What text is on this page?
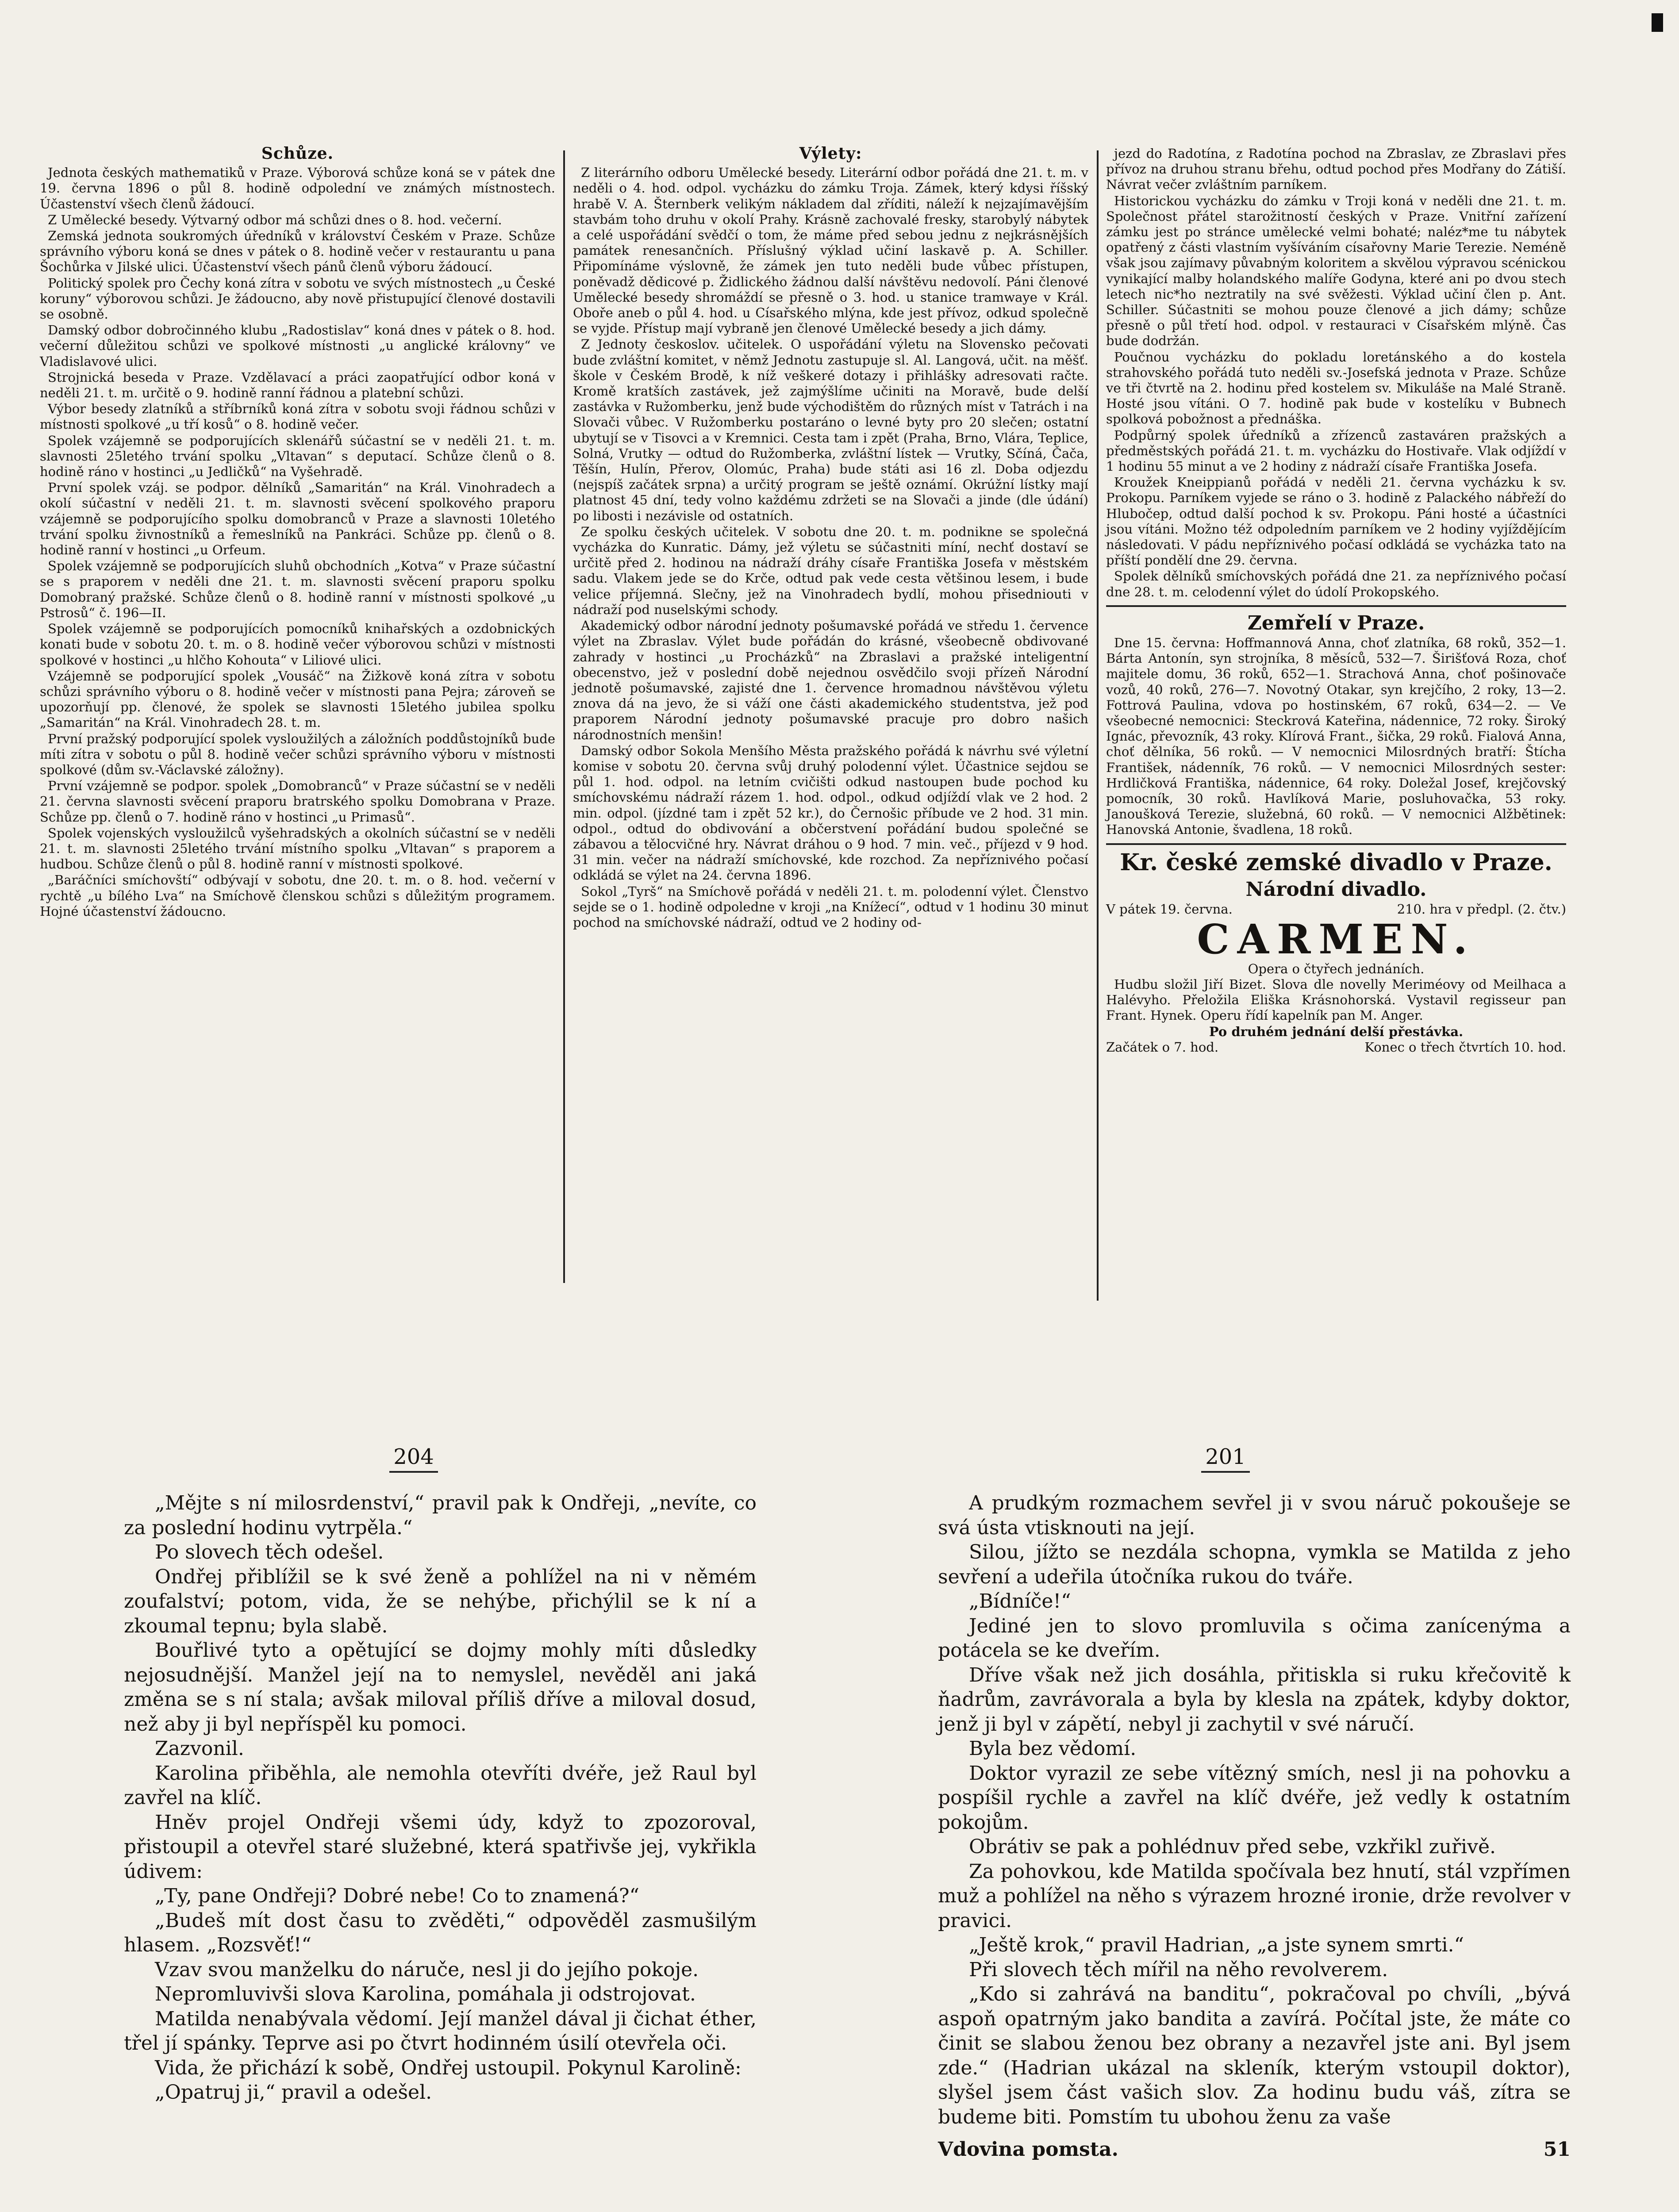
Schůze.

Jednota českých mathematiků v Praze. Výborová schůze koná se v pátek dne 19. června 1896 o půl 8. hodině odpolední ve známých místnostech. Účastenství všech členů žádoucí.

Z Umělecké besedy. Výtvarný odbor má schůzi dnes o 8. hod. večerní.

Zemská jednota soukromých úředníků v království Českém v Praze. Schůze správního výboru koná se dnes v pátek o 8. hodině večer v restaurantu u pana Šochůrka v Jilské ulici. Účastenství všech pánů členů výboru žádoucí.

Politický spolek pro Čechy koná zítra v sobotu ve svých místnostech „u České koruny“ výborovou schůzi. Je žádoucno, aby nově přistupující členové dostavili se osobně.

Damský odbor dobročinného klubu „Radostislav“ koná dnes v pátek o 8. hod. večerní důležitou schůzi ve spolkové místnosti „u anglické královny“ ve Vladislavové ulici.

Strojnická beseda v Praze. Vzdělavací a práci zaopatřující odbor koná v neděli 21. t. m. určitě o 9. hodině ranní řádnou a platební schůzi.

Výbor besedy zlatníků a stříbrníků koná zítra v sobotu svoji řádnou schůzi v místnosti spolkové „u tří kosů“ o 8. hodině večer.

Spolek vzájemně se podporujících sklenářů súčastní se v neděli 21. t. m. slavnosti 25letého trvání spolku „Vltavan“ s deputací. Schůze členů o 8. hodině ráno v hostinci „u Jedličků“ na Vyšehradě.

První spolek vzáj. se podpor. dělníků „Samaritán“ na Král. Vinohradech a okolí súčastní v neděli 21. t. m. slavnosti svěcení spolkového praporu vzájemně se podporujícího spolku domobranců v Praze a slavnosti 10letého trvání spolku živnostníků a řemeslníků na Pankráci. Schůze pp. členů o 8. hodině ranní v hostinci „u Orfeum.

Spolek vzájemně se podporujících sluhů obchodních „Kotva“ v Praze súčastní se s praporem v neděli dne 21. t. m. slavnosti svěcení praporu spolku Domobraný pražské. Schůze členů o 8. hodině ranní v místnosti spolkové „u Pstrosů“ č. 196—II.

Spolek vzájemně se podporujících pomocníků knihařských a ozdobnických konati bude v sobotu 20. t. m. o 8. hodině večer výborovou schůzi v místnosti spolkové v hostinci „u hlčho Kohouta“ v Liliové ulici.

Vzájemně se podporující spolek „Vousáč“ na Žižkově koná zítra v sobotu schůzi správního výboru o 8. hodině večer v místnosti pana Pejra; zároveň se upozorňují pp. členové, že spolek se slavnosti 15letého jubilea spolku „Samaritán“ na Král. Vinohradech 28. t. m.

První pražský podporující spolek vysloužilých a záložních poddůstojníků bude míti zítra v sobotu o půl 8. hodině večer schůzi správního výboru v místnosti spolkové (dům sv.-Václavské záložny).

První vzájemně se podpor. spolek „Domobranců“ v Praze súčastní se v neděli 21. června slavnosti svěcení praporu bratrského spolku Domobrana v Praze. Schůze pp. členů o 7. hodině ráno v hostinci „u Primasů“.

Spolek vojenských vysloužilců vyšehradských a okolních súčastní se v neděli 21. t. m. slavnosti 25letého trvání místního spolku „Vltavan“ s praporem a hudbou. Schůze členů o půl 8. hodině ranní v místnosti spolkové.

„Baráčníci smíchovští“ odbývají v sobotu, dne 20. t. m. o 8. hod. večerní v rychtě „u bílého Lva“ na Smíchově členskou schůzi s důležitým programem. Hojné účastenství žádoucno.

Výlety:

Z literárního odboru Umělecké besedy. Literární odbor pořádá dne 21. t. m. v neděli o 4. hod. odpol. vycházku do zámku Troja. Zámek, který kdysi říšský hrabě V. A. Šternberk velikým nákladem dal zříditi, náleží k nejzajímavějším stavbám toho druhu v okolí Prahy. Krásně zachovalé fresky, starobylý nábytek a celé uspořádání svědčí o tom, že máme před sebou jednu z nejkrásnějších památek renesančních. Příslušný výklad učiní laskavě p. A. Schiller. Připomínáme výslovně, že zámek jen tuto neděli bude vůbec přístupen, poněvadž dědicové p. Židlického žádnou další návštěvu nedovolí. Páni členové Umělecké besedy shromáždí se přesně o 3. hod. u stanice tramwaye v Král. Oboře aneb o půl 4. hod. u Císařského mlýna, kde jest přívoz, odkud společně se vyjde. Přístup mají vybraně jen členové Umělecké besedy a jich dámy.

Z Jednoty českoslov. učitelek. O uspořádání výletu na Slovensko pečovati bude zvláštní komitet, v němž Jednotu zastupuje sl. Al. Langová, učit. na měšť. škole v Českém Brodě, k níž veškeré dotazy i přihlášky adresovati račte. Kromě kratších zastávek, jež zajmýšlíme učiniti na Moravě, bude delší zastávka v Ružomberku, jenž bude východištěm do různých míst v Tatrách i na Slovači vůbec. V Ružomberku postaráno o levné byty pro 20 slečen; ostatní ubytují se v Tisovci a v Kremnici. Cesta tam i zpět (Praha, Brno, Vlára, Teplice, Solná, Vrutky — odtud do Ružomberka, zvláštní lístek — Vrutky, Sčíná, Čača, Těšín, Hulín, Přerov, Olomúc, Praha) bude státi asi 16 zl. Doba odjezdu (nejspíš začátek srpna) a určitý program se ještě oznámí. Okrúžní lístky mají platnost 45 dní, tedy volno každému zdržeti se na Slovači a jinde (dle údání) po libosti i nezávisle od ostatních.

Ze spolku českých učitelek. V sobotu dne 20. t. m. podnikne se společná vycházka do Kunratic. Dámy, jež výletu se súčastniti míní, nechť dostaví se určitě před 2. hodinou na nádraží dráhy císaře Františka Josefa v městském sadu. Vlakem jede se do Krče, odtud pak vede cesta většinou lesem, i bude velice příjemná. Slečny, jež na Vinohradech bydlí, mohou přisedniouti v nádraží pod nuselskými schody.

Akademický odbor národní jednoty pošumavské pořádá ve středu 1. července výlet na Zbraslav. Výlet bude pořádán do krásné, všeobecně obdivované zahrady v hostinci „u Procházků“ na Zbraslavi a pražské inteligentní obecenstvo, jež v poslední době nejednou osvědčilo svoji přízeň Národní jednotě pošumavské, zajisté dne 1. července hromadnou návštěvou výletu znova dá na jevo, že si váží one části akademického studentstva, jež pod praporem Národní jednoty pošumavské pracuje pro dobro našich národnostních menšin!

Damský odbor Sokola Menšího Města pražského pořádá k návrhu své výletní komise v sobotu 20. června svůj druhý polodenní výlet. Účastnice sejdou se půl 1. hod. odpol. na letním cvičišti odkud nastoupen bude pochod ku smíchovskému nádraží rázem 1. hod. odpol., odkud odjíždí vlak ve 2 hod. 2 min. odpol. (jízdné tam i zpět 52 kr.), do Černošic příbude ve 2 hod. 31 min. odpol., odtud do obdivování a občerstvení pořádání budou společné se zábavou a tělocvičné hry. Návrat dráhou o 9 hod. 7 min. več., příjezd v 9 hod. 31 min. večer na nádraží smíchovské, kde rozchod. Za nepříznivého počasí odkládá se výlet na 24. června 1896.

Sokol „Tyrš“ na Smíchově pořádá v neděli 21. t. m. polodenní výlet. Členstvo sejde se o 1. hodině odpoledne v kroji „na Knížecí“, odtud v 1 hodinu 30 minut pochod na smíchovské nádraží, odtud ve 2 hodiny od-

jezd do Radotína, z Radotína pochod na Zbraslav, ze Zbraslavi přes přívoz na druhou stranu břehu, odtud pochod přes Modřany do Zátiší. Návrat večer zvláštním parníkem.

Historickou vycházku do zámku v Troji koná v neděli dne 21. t. m. Společnost přátel starožitností českých v Praze. Vnitřní zařízení zámku jest po stránce umělecké velmi bohaté; naléz*me tu nábytek opatřený z části vlastním vyšíváním císařovny Marie Terezie. Neméně však jsou zajímavy půvabným koloritem a skvělou výpravou scénickou vynikající malby holandského malíře Godyna, které ani po dvou stech letech nic*ho neztratily na své svěžesti. Výklad učiní člen p. Ant. Schiller. Súčastniti se mohou pouze členové a jich dámy; schůze přesně o půl třetí hod. odpol. v restauraci v Císařském mlýně. Čas bude dodržán.

Poučnou vycházku do pokladu loretánského a do kostela strahovského pořádá tuto neděli sv.-Josefská jednota v Praze. Schůze ve tři čtvrtě na 2. hodinu před kostelem sv. Mikuláše na Malé Straně. Hosté jsou vítáni. O 7. hodině pak bude v kostelíku v Bubnech spolková pobožnost a přednáška.

Podpůrný spolek úředníků a zřízenců zastaváren pražských a předměstských pořádá 21. t. m. vycházku do Hostivaře. Vlak odjíždí v 1 hodinu 55 minut a ve 2 hodiny z nádraží císaře Františka Josefa.

Kroužek Kneippianů pořádá v neděli 21. června vycházku k sv. Prokopu. Parníkem vyjede se ráno o 3. hodině z Palackého nábřeží do Hlubočep, odtud další pochod k sv. Prokopu. Páni hosté a účastníci jsou vítáni. Možno též odpoledním parníkem ve 2 hodiny vyjíždějícím následovati. V pádu nepříznivého počasí odkládá se vycházka tato na příští pondělí dne 29. června.

Spolek dělníků smíchovských pořádá dne 21. za nepříznivého počasí dne 28. t. m. celodenní výlet do údolí Prokopského.

Zemřelí v Praze.

Dne 15. června: Hoffmannová Anna, choť zlatníka, 68 roků, 352—1. Bárta Antonín, syn strojníka, 8 měsíců, 532—7. Širišťová Roza, choť majitele domu, 36 roků, 652—1. Strachová Anna, choť pošinovače vozů, 40 roků, 276—7. Novotný Otakar, syn krejčího, 2 roky, 13—2. Fottrová Paulina, vdova po hostinském, 67 roků, 634—2. — Ve všeobecné nemocnici: Steckrová Kateřina, nádennice, 72 roky. Široký Ignác, převozník, 43 roky. Klírová Frant., šička, 29 roků. Fialová Anna, choť dělníka, 56 roků. — V nemocnici Milosrdných bratří: Štícha František, nádenník, 76 roků. — V nemocnici Milosrdných sester: Hrdličková Františka, nádennice, 64 roky. Doležal Josef, krejčovský pomocník, 30 roků. Havlíková Marie, posluhovačka, 53 roky. Janoušková Terezie, služebná, 60 roků. — V nemocnici Alžbětinek: Hanovská Antonie, švadlena, 18 roků.

Kr. české zemské divadlo v Praze.
Národní divadlo.
V pátek 19. června.	210. hra v předpl. (2. čtv.)
CARMEN.
Opera o čtyřech jednáních.

Hudbu složil Jiří Bizet. Slova dle novelly Meriméovy od Meilhaca a Halévyho. Přeložila Eliška Krásnohorská. Vystavil regisseur pan Frant. Hynek. Operu řídí kapelník pan M. Anger.

Po druhém jednání delší přestávka.
Začátek o 7. hod.	Konec o třech čtvrtích 10. hod.
204	201

„Mějte s ní milosrdenství,“ pravil pak k Ondřeji, „nevíte, co za poslední hodinu vytrpěla.“

Po slovech těch odešel.

Ondřej přiblížil se k své ženě a pohlížel na ni v němém zoufalství; potom, vida, že se nehýbe, přichýlil se k ní a zkoumal tepnu; byla slabě.

Bouřlivé tyto a opětující se dojmy mohly míti důsledky nejosudnější. Manžel její na to nemyslel, nevěděl ani jaká změna se s ní stala; avšak miloval příliš dříve a miloval dosud, než aby ji byl nepříspěl ku pomoci.

Zazvonil.

Karolina přiběhla, ale nemohla otevříti dvéře, jež Raul byl zavřel na klíč.

Hněv projel Ondřeji všemi údy, když to zpozoroval, přistoupil a otevřel staré služebné, která spatřivše jej, vykřikla údivem:

„Ty, pane Ondřeji? Dobré nebe! Co to znamená?“

„Budeš mít dost času to zvěděti,“ odpověděl zasmušilým hlasem. „Rozsvěť!“

Vzav svou manželku do náruče, nesl ji do jejího pokoje.

Nepromluvivši slova Karolina, pomáhala ji odstrojovat.

Matilda nenabývala vědomí. Její manžel dával ji čichat éther, třel jí spánky. Teprve asi po čtvrt hodinném úsilí otevřela oči.

Vida, že přichází k sobě, Ondřej ustoupil. Pokynul Karolině:

„Opatruj ji,“ pravil a odešel.

A prudkým rozmachem sevřel ji v svou náruč pokoušeje se svá ústa vtisknouti na její.

Silou, jížto se nezdála schopna, vymkla se Matilda z jeho sevření a udeřila útočníka rukou do tváře.

„Bídníče!“

Jediné jen to slovo promluvila s očima zanícenýma a potácela se ke dveřím.

Dříve však než jich dosáhla, přitiskla si ruku křečovitě k ňadrům, zavrávorala a byla by klesla na zpátek, kdyby doktor, jenž ji byl v zápětí, nebyl ji zachytil v své náručí.

Byla bez vědomí.

Doktor vyrazil ze sebe vítězný smích, nesl ji na pohovku a pospíšil rychle a zavřel na klíč dvéře, jež vedly k ostatním pokojům.

Obrátiv se pak a pohlédnuv před sebe, vzkřikl zuřivě.

Za pohovkou, kde Matilda spočívala bez hnutí, stál vzpřímen muž a pohlížel na něho s výrazem hrozné ironie, drže revolver v pravici.

„Ještě krok,“ pravil Hadrian, „a jste synem smrti.“

Při slovech těch mířil na něho revolverem.

„Kdo si zahrává na banditu“, pokračoval po chvíli, „bývá aspoň opatrným jako bandita a zavírá. Počítal jste, že máte co činit se slabou ženou bez obrany a nezavřel jste ani. Byl jsem zde.“ (Hadrian ukázal na skleník, kterým vstoupil doktor), slyšel jsem část vašich slov. Za hodinu budu váš, zítra se budeme biti. Pomstím tu ubohou ženu za vaše

Vdovina pomsta.	51
